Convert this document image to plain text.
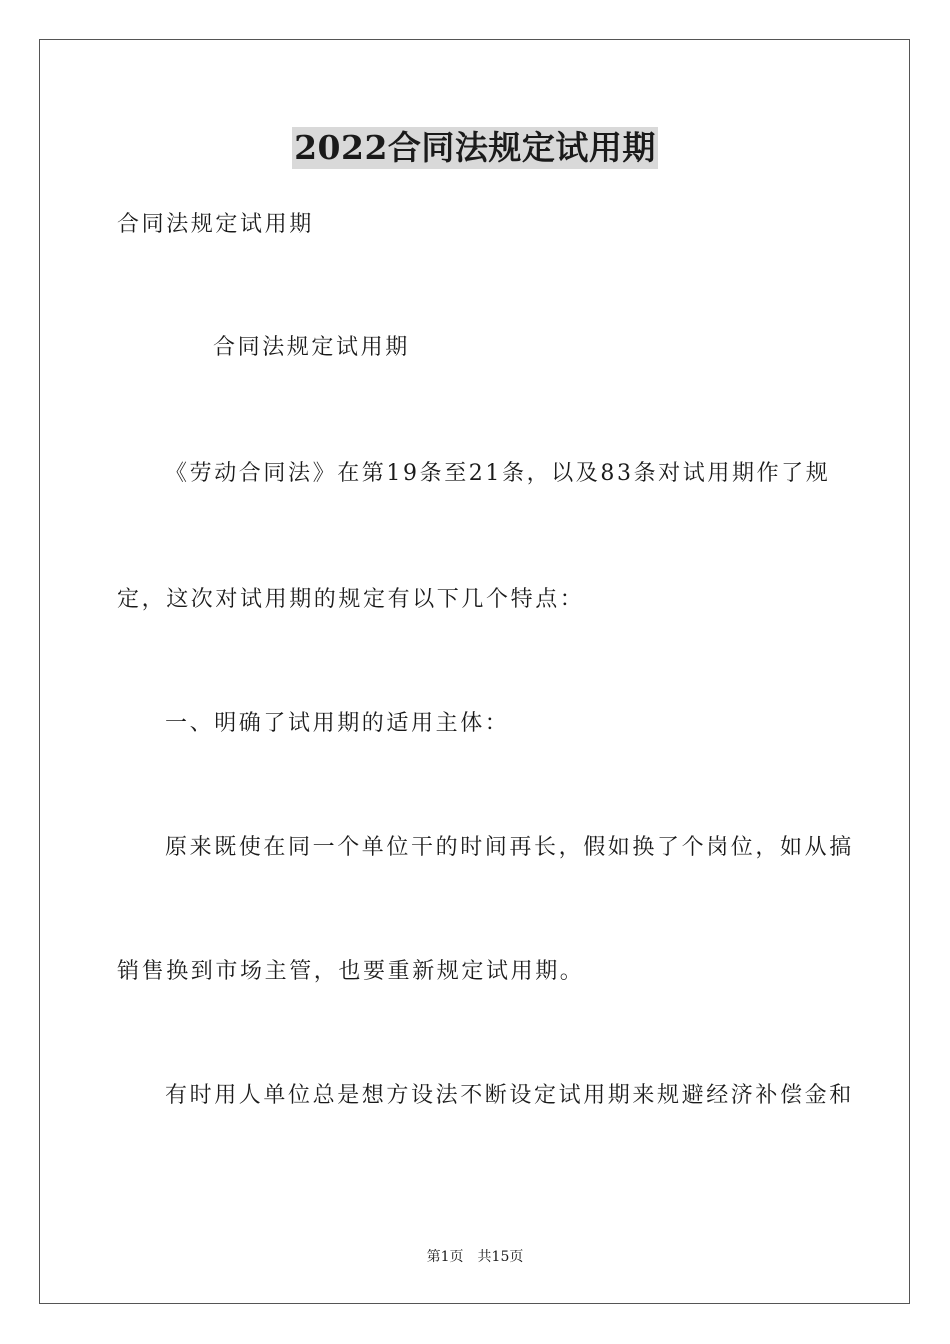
2022合同法规定试用期
合同法规定试用期
合同法规定试用期
《劳动合同法》在第19条至21条，以及83条对试用期作了规
定，这次对试用期的规定有以下几个特点：
一、明确了试用期的适用主体：
原来既使在同一个单位干的时间再长，假如换了个岗位，如从搞
销售换到市场主管，也要重新规定试用期。
有时用人单位总是想方设法不断设定试用期来规避经济补偿金和
第1页　共15页
